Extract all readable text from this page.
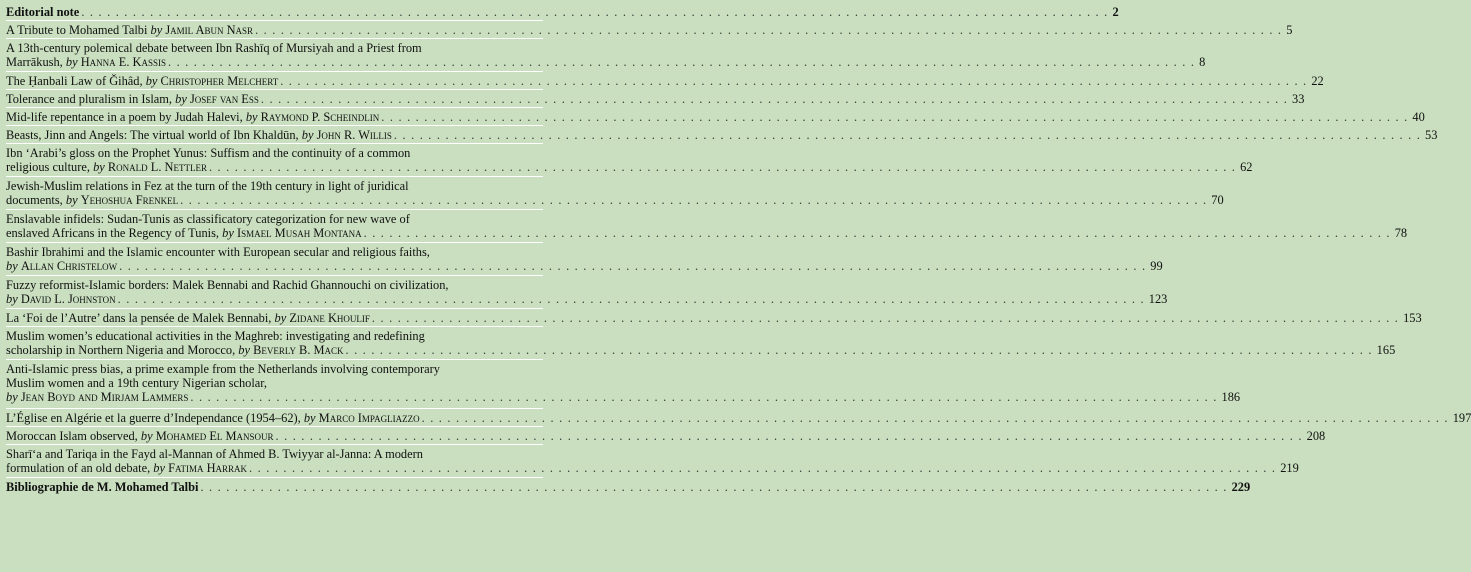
Editorial note . . . . . . . . . . . . . . . . . . . . . . . . . . . . . . . . . . . . . . . . . . . . . . . . . . . . . . . . . . . . . . . . . . . . . . . . . . . . . . . . . . . . . . . . . . . . . . . . . . . . . . . . . . . . . . . . . . . . . . . . 2
A Tribute to Mohamed Talbi by Jamil Abun Nasr . . . . . . . . . . . . . . . . . . . . . . . . . . . . . . . . . . . . . . . . . . . . . . . . . . . . . . . . . . . . . . . . . . . . . . . . . . . . . . . . . . . . . . . . . . . . . . . . . . . . . . . . . . . . . . . . . . . . . . . . 5
A 13th-century polemical debate between Ibn Rashīq of Mursiyah and a Priest from
Marrākush, by Hanna E. Kassis . . . . . . . . . . . . . . . . . . . . . . . . . . . . . . . . . . . . . . . . . . . . . . . . . . . . . . . . . . . . . . . . . . . . . . . . . . . . . . . . . . . . . . . . . . . . . . . . . . . . . . . . . . . . . . . . . . . . . . . . 8
The Ḥanbali Law of Ğihâd, by Christopher Melchert . . . . . . . . . . . . . . . . . . . . . . . . . . . . . . . . . . . . . . . . . . . . . . . . . . . . . . . . . . . . . . . . . . . . . . . . . . . . . . . . . . . . . . . . . . . . . . . . . . . . . . . . . . . . . . . . . . . . . . . . 22
Tolerance and pluralism in Islam, by Josef van Ess . . . . . . . . . . . . . . . . . . . . . . . . . . . . . . . . . . . . . . . . . . . . . . . . . . . . . . . . . . . . . . . . . . . . . . . . . . . . . . . . . . . . . . . . . . . . . . . . . . . . . . . . . . . . . . . . . . . . . . . . 33
Mid-life repentance in a poem by Judah Halevi, by Raymond P. Scheindlin . . . . . . . . . . . . . . . . . . . . . . . . . . . . . . . . . . . . . . . . . . . . . . . . . . . . . . . . . . . . . . . . . . . . . . . . . . . . . . . . . . . . . . . . . . . . . . . . . . . . . . . . . . . . . . . . . . . . . . . . 40
Beasts, Jinn and Angels: The virtual world of Ibn Khaldūn, by John R. Willis . . . . . . . . . . . . . . . . . . . . . . . . . . . . . . . . . . . . . . . . . . . . . . . . . . . . . . . . . . . . . . . . . . . . . . . . . . . . . . . . . . . . . . . . . . . . . . . . . . . . . . . . . . . . . . . . . . . . . . . . 53
Ibn ‘Arabi’s gloss on the Prophet Yunus: Suffism and the continuity of a common
religious culture, by Ronald L. Nettler . . . . . . . . . . . . . . . . . . . . . . . . . . . . . . . . . . . . . . . . . . . . . . . . . . . . . . . . . . . . . . . . . . . . . . . . . . . . . . . . . . . . . . . . . . . . . . . . . . . . . . . . . . . . . . . . . . . . . . . . 62
Jewish-Muslim relations in Fez at the turn of the 19th century in light of juridical
documents, by Yehoshua Frenkel . . . . . . . . . . . . . . . . . . . . . . . . . . . . . . . . . . . . . . . . . . . . . . . . . . . . . . . . . . . . . . . . . . . . . . . . . . . . . . . . . . . . . . . . . . . . . . . . . . . . . . . . . . . . . . . . . . . . . . . . 70
Enslavable infidels: Sudan-Tunis as classificatory categorization for new wave of
enslaved Africans in the Regency of Tunis, by Ismael Musah Montana . . . . . . . . . . . . . . . . . . . . . . . . . . . . . . . . . . . . . . . . . . . . . . . . . . . . . . . . . . . . . . . . . . . . . . . . . . . . . . . . . . . . . . . . . . . . . . . . . . . . . . . . . . . . . . . . . . . . . . . . 78
Bashir Ibrahimi and the Islamic encounter with European secular and religious faiths,
by Allan Christelow . . . . . . . . . . . . . . . . . . . . . . . . . . . . . . . . . . . . . . . . . . . . . . . . . . . . . . . . . . . . . . . . . . . . . . . . . . . . . . . . . . . . . . . . . . . . . . . . . . . . . . . . . . . . . . . . . . . . . . . . 99
Fuzzy reformist-Islamic borders: Malek Bennabi and Rachid Ghannouchi on civilization,
by David L. Johnston . . . . . . . . . . . . . . . . . . . . . . . . . . . . . . . . . . . . . . . . . . . . . . . . . . . . . . . . . . . . . . . . . . . . . . . . . . . . . . . . . . . . . . . . . . . . . . . . . . . . . . . . . . . . . . . . . . . . . . . . 123
La ‘Foi de l’Autre’ dans la pensée de Malek Bennabi, by Zidane Khoulif . . . . . . . . . . . . . . . . . . . . . . . . . . . . . . . . . . . . . . . . . . . . . . . . . . . . . . . . . . . . . . . . . . . . . . . . . . . . . . . . . . . . . . . . . . . . . . . . . . . . . . . . . . . . . . . . . . . . . . . . 153
Muslim women’s educational activities in the Maghreb: investigating and redefining
scholarship in Northern Nigeria and Morocco, by Beverly B. Mack . . . . . . . . . . . . . . . . . . . . . . . . . . . . . . . . . . . . . . . . . . . . . . . . . . . . . . . . . . . . . . . . . . . . . . . . . . . . . . . . . . . . . . . . . . . . . . . . . . . . . . . . . . . . . . . . . . . . . . . . 165
Anti-Islamic press bias, a prime example from the Netherlands involving contemporary
Muslim women and a 19th century Nigerian scholar,
by Jean Boyd and Mirjam Lammers . . . . . . . . . . . . . . . . . . . . . . . . . . . . . . . . . . . . . . . . . . . . . . . . . . . . . . . . . . . . . . . . . . . . . . . . . . . . . . . . . . . . . . . . . . . . . . . . . . . . . . . . . . . . . . . . . . . . . . . . 186
L’Église en Algérie et la guerre d’Independance (1954–62), by Marco Impagliazzo . . . . . . . . . . . . . . . . . . . . . . . . . . . . . . . . . . . . . . . . . . . . . . . . . . . . . . . . . . . . . . . . . . . . . . . . . . . . . . . . . . . . . . . . . . . . . . . . . . . . . . . . . . . . . . . . . . . . . . . . 197
Moroccan Islam observed, by Mohamed El Mansour . . . . . . . . . . . . . . . . . . . . . . . . . . . . . . . . . . . . . . . . . . . . . . . . . . . . . . . . . . . . . . . . . . . . . . . . . . . . . . . . . . . . . . . . . . . . . . . . . . . . . . . . . . . . . . . . . . . . . . . . 208
Sharī‘a and Tariqa in the Fayd al-Mannan of Ahmed B. Twiyyar al-Janna: A modern
formulation of an old debate, by Fatima Harrak . . . . . . . . . . . . . . . . . . . . . . . . . . . . . . . . . . . . . . . . . . . . . . . . . . . . . . . . . . . . . . . . . . . . . . . . . . . . . . . . . . . . . . . . . . . . . . . . . . . . . . . . . . . . . . . . . . . . . . . . 219
Bibliographie de M. Mohamed Talbi . . . . . . . . . . . . . . . . . . . . . . . . . . . . . . . . . . . . . . . . . . . . . . . . . . . . . . . . . . . . . . . . . . . . . . . . . . . . . . . . . . . . . . . . . . . . . . . . . . . . . . . . . . . . . . . . . . . . . . . . 229
